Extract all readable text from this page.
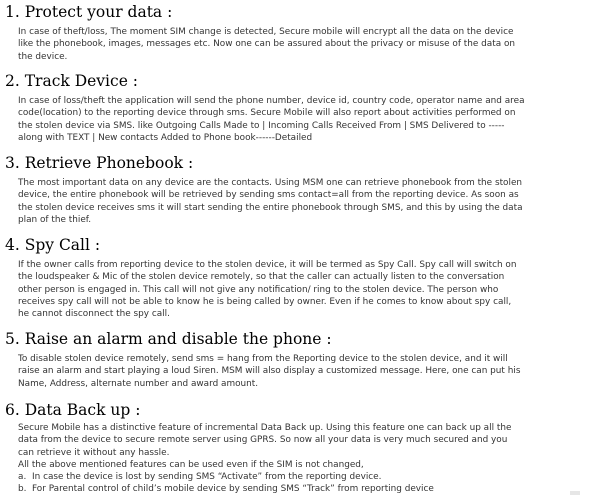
1. Protect your data :
In case of theft/loss, The moment SIM change is detected, Secure mobile will encrypt all the data on the device
like the phonebook, images, messages etc. Now one can be assured about the privacy or misuse of the data on
the device.
2. Track Device :
In case of loss/theft the application will send the phone number, device id, country code, operator name and area
code(location) to the reporting device through sms. Secure Mobile will also report about activities performed on
the stolen device via SMS. like Outgoing Calls Made to | Incoming Calls Received From | SMS Delivered to -----
along with TEXT | New contacts Added to Phone book------Detailed
3. Retrieve Phonebook :
The most important data on any device are the contacts. Using MSM one can retrieve phonebook from the stolen
device, the entire phonebook will be retrieved by sending sms contact=all from the reporting device. As soon as
the stolen device receives sms it will start sending the entire phonebook through SMS, and this by using the data
plan of the thief.
4. Spy Call :
If the owner calls from reporting device to the stolen device, it will be termed as Spy Call. Spy call will switch on
the loudspeaker & Mic of the stolen device remotely, so that the caller can actually listen to the conversation
other person is engaged in. This call will not give any notification/ ring to the stolen device. The person who
receives spy call will not be able to know he is being called by owner. Even if he comes to know about spy call,
he cannot disconnect the spy call.
5. Raise an alarm and disable the phone :
To disable stolen device remotely, send sms = hang from the Reporting device to the stolen device, and it will
raise an alarm and start playing a loud Siren. MSM will also display a customized message. Here, one can put his
Name, Address, alternate number and award amount.
6. Data Back up :
Secure Mobile has a distinctive feature of incremental Data Back up. Using this feature one can back up all the
data from the device to secure remote server using GPRS. So now all your data is very much secured and you
can retrieve it without any hassle.
All the above mentioned features can be used even if the SIM is not changed,
a. In case the device is lost by sending SMS “Activate” from the reporting device.
b. For Parental control of child’s mobile device by sending SMS “Track” from reporting device
